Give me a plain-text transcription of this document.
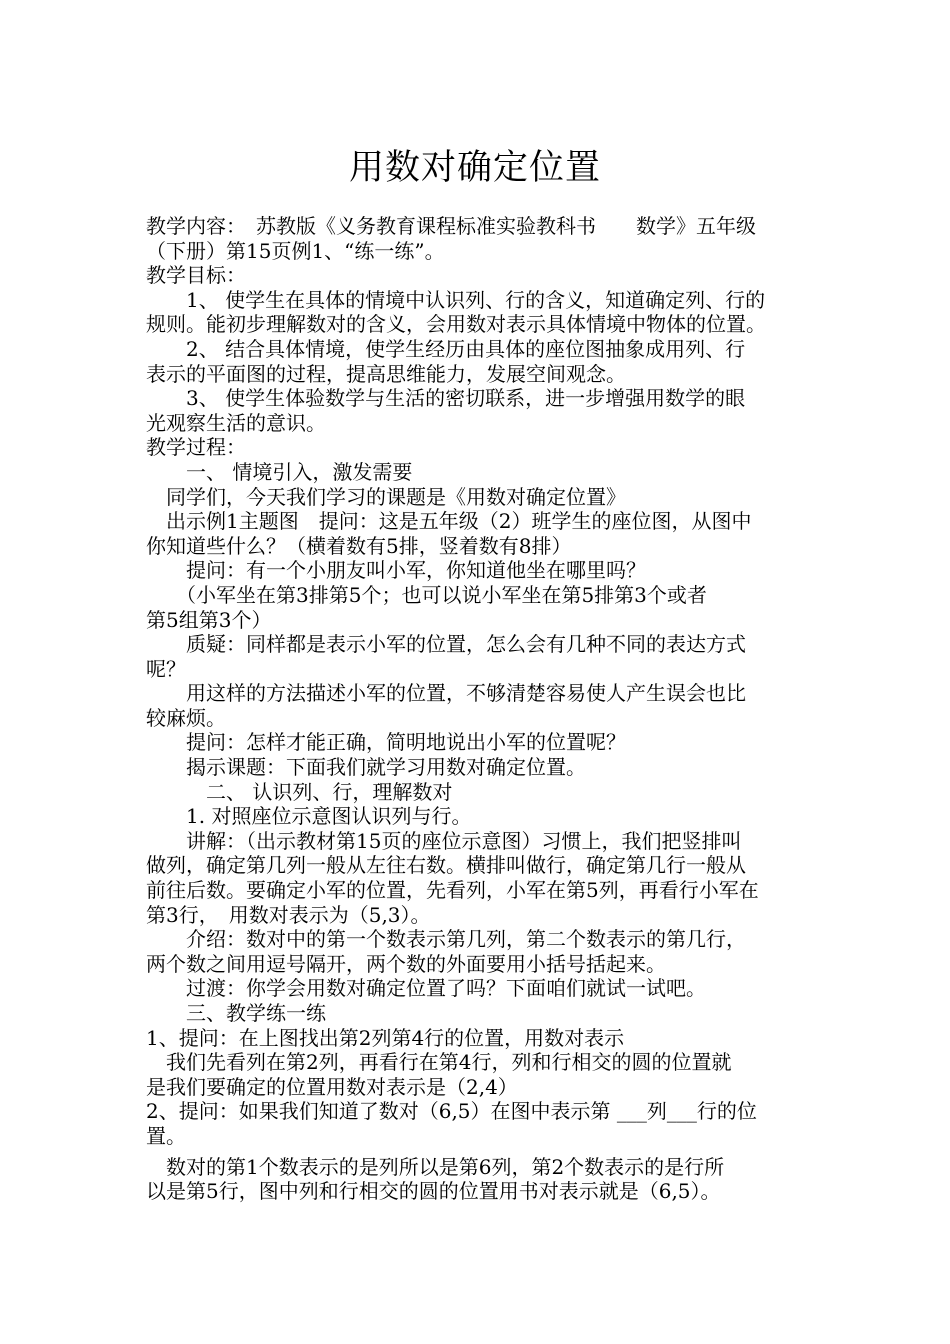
用数对确定位置
教学内容：　苏教版《义务教育课程标准实验教科书　　数学》五年级
（下册）第15页例1、“练一练”。
教学目标：
　　1、 使学生在具体的情境中认识列、行的含义，知道确定列、行的
规则。能初步理解数对的含义，会用数对表示具体情境中物体的位置。
　　2、 结合具体情境，使学生经历由具体的座位图抽象成用列、行
表示的平面图的过程，提高思维能力，发展空间观念。
　　3、 使学生体验数学与生活的密切联系，进一步增强用数学的眼
光观察生活的意识。
教学过程：
　　一、 情境引入，激发需要
　同学们，今天我们学习的课题是《用数对确定位置》
　出示例1主题图　提问：这是五年级（2）班学生的座位图，从图中
你知道些什么？（横着数有5排，竖着数有8排）
　　提问：有一个小朋友叫小军，你知道他坐在哪里吗？
　　（小军坐在第3排第5个；也可以说小军坐在第5排第3个或者
第5组第3个）
　　质疑：同样都是表示小军的位置，怎么会有几种不同的表达方式
呢？
　　用这样的方法描述小军的位置，不够清楚容易使人产生误会也比
较麻烦。
　　提问：怎样才能正确，简明地说出小军的位置呢？
　　揭示课题：下面我们就学习用数对确定位置。
　　　二、 认识列、行，理解数对
　　1. 对照座位示意图认识列与行。
　　讲解：（出示教材第15页的座位示意图）习惯上，我们把竖排叫
做列，确定第几列一般从左往右数。横排叫做行，确定第几行一般从
前往后数。要确定小军的位置，先看列，小军在第5列，再看行小军在
第3行，　用数对表示为（5,3）。
　　介绍：数对中的第一个数表示第几列，第二个数表示的第几行，
两个数之间用逗号隔开，两个数的外面要用小括号括起来。
　　过渡：你学会用数对确定位置了吗？下面咱们就试一试吧。
　　三、教学练一练
1、提问：在上图找出第2列第4行的位置，用数对表示
　我们先看列在第2列，再看行在第4行，列和行相交的圆的位置就
是我们要确定的位置用数对表示是（2,4）
2、提问：如果我们知道了数对（6,5）在图中表示第 ___列___行的位
置。
　数对的第1个数表示的是列所以是第6列，第2个数表示的是行所
以是第5行，图中列和行相交的圆的位置用书对表示就是（6,5）。
